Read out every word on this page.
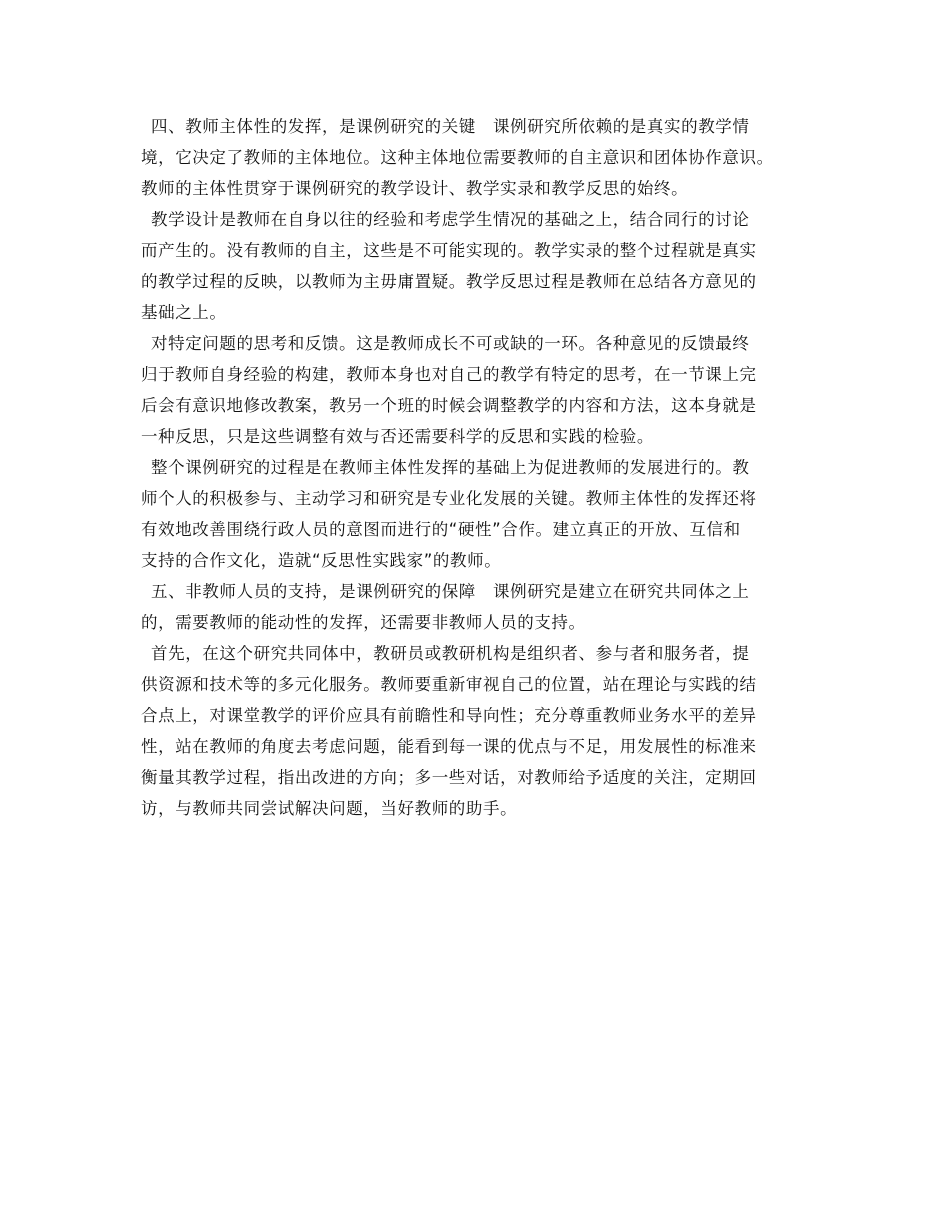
四、教师主体性的发挥，是课例研究的关键　课例研究所依赖的是真实的教学情
境，它决定了教师的主体地位。这种主体地位需要教师的自主意识和团体协作意识。
教师的主体性贯穿于课例研究的教学设计、教学实录和教学反思的始终。
教学设计是教师在自身以往的经验和考虑学生情况的基础之上，结合同行的讨论
而产生的。没有教师的自主，这些是不可能实现的。教学实录的整个过程就是真实
的教学过程的反映，以教师为主毋庸置疑。教学反思过程是教师在总结各方意见的
基础之上。
对特定问题的思考和反馈。这是教师成长不可或缺的一环。各种意见的反馈最终
归于教师自身经验的构建，教师本身也对自己的教学有特定的思考，在一节课上完
后会有意识地修改教案，教另一个班的时候会调整教学的内容和方法，这本身就是
一种反思，只是这些调整有效与否还需要科学的反思和实践的检验。
整个课例研究的过程是在教师主体性发挥的基础上为促进教师的发展进行的。教
师个人的积极参与、主动学习和研究是专业化发展的关键。教师主体性的发挥还将
有效地改善围绕行政人员的意图而进行的“硬性”合作。建立真正的开放、互信和
支持的合作文化，造就“反思性实践家”的教师。
五、非教师人员的支持，是课例研究的保障　课例研究是建立在研究共同体之上
的，需要教师的能动性的发挥，还需要非教师人员的支持。
首先，在这个研究共同体中，教研员或教研机构是组织者、参与者和服务者，提
供资源和技术等的多元化服务。教师要重新审视自己的位置，站在理论与实践的结
合点上，对课堂教学的评价应具有前瞻性和导向性；充分尊重教师业务水平的差异
性，站在教师的角度去考虑问题，能看到每一课的优点与不足，用发展性的标准来
衡量其教学过程，指出改进的方向；多一些对话，对教师给予适度的关注，定期回
访，与教师共同尝试解决问题，当好教师的助手。
